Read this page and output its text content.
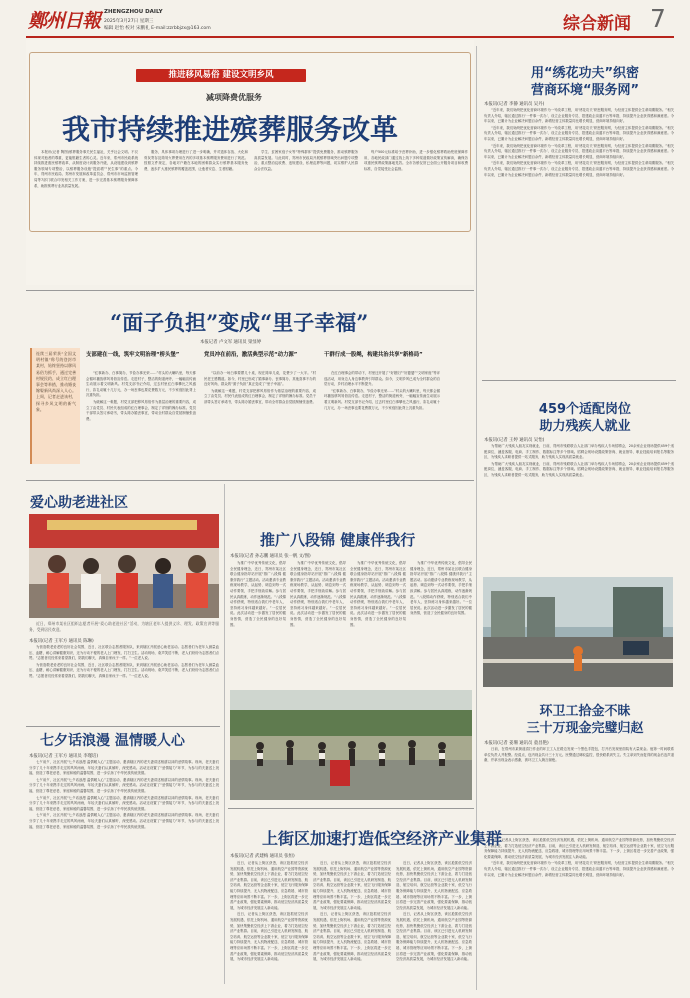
鄭州日報 ZHENGZHOU DAILY
2025年3月27日 星期三
编辑 赵怡 校对 宋鹏礼 E-mail:zzrbbjzx@163.com	综合新闻 7
推进移风易俗 建设文明乡风
减项降费优服务
我市持续推进殡葬服务改革

本报讯(记者 陶图)殡葬服务事关民生福祉，关乎社会文明。不仅体现对逝者的尊重，更能慰藉生者的心灵。近年来，郑州市民政系统持续推进惠民殡葬改革，从制度设计到服务升级，从设施建设到殡葬服务领域专项整治，以殡葬服务设施“提质增”“民生事”的重点。今年，郑州市民政局、郑州市发展和改革委员会、郑州市市场监督管理局等7部门联合印发相关工作方案，进一步完善基本殡葬服务保障体系，助推殡葬行业高质量发展。

服务，具体事项办理进行了进一步明确，并对遗体存放、火化和骨灰寄存及简易火葬费用在内的多项基本殡葬服务费用进行了规范。按照文件规定，各地对户籍在本地的困难群众实行殡葬基本服务免费，逐步扩大惠民殡葬的覆盖范围，让逝者安息、生者慰藉。

学生、贫困家庭子女等“特殊群体”提供免费服务，推动殡葬服务高质量发展。与此同时，郑州市民政局开展殡葬领域突出问题专项整治，重点整治乱收费、违规建设、私埋乱葬等问题，切实维护人民群众合法权益。

每户500元标准给予丧葬补助，进一步强化殡葬救助兜底保障作用，各地民政部门通过线上线下多种渠道做好政策宣传解读，确保各项惠民殡葬政策落地见效。全市各殡仪馆已全面公开服务项目和收费标准，自觉接受社会监督。

用“绣花功夫”织密
营商环境“服务网”
本报讯(记者 李静 通讯员 吴丹)

“近年来，我们始终把优化营商环境作为一号改革工程，用‘绣花功夫’织密服务网，为经营主体提供全生命周期服务。”相关负责人介绍，辖区通过推行‘一件事一次办’、设立企业服务专员、搭建政企沟通平台等举措，持续提升企业获得感和满意度。今年以来，已累计为企业解决问题百余件，新增经营主体数量同比增长明显，营商环境持续向好。

“近年来，我们始终把优化营商环境作为一号改革工程，用‘绣花功夫’织密服务网，为经营主体提供全生命周期服务。”相关负责人介绍，辖区通过推行‘一件事一次办’、设立企业服务专员、搭建政企沟通平台等举措，持续提升企业获得感和满意度。今年以来，已累计为企业解决问题百余件，新增经营主体数量同比增长明显，营商环境持续向好。

“近年来，我们始终把优化营商环境作为一号改革工程，用‘绣花功夫’织密服务网，为经营主体提供全生命周期服务。”相关负责人介绍，辖区通过推行‘一件事一次办’、设立企业服务专员、搭建政企沟通平台等举措，持续提升企业获得感和满意度。今年以来，已累计为企业解决问题百余件，新增经营主体数量同比增长明显，营商环境持续向好。

“近年来，我们始终把优化营商环境作为一号改革工程，用‘绣花功夫’织密服务网，为经营主体提供全生命周期服务。”相关负责人介绍，辖区通过推行‘一件事一次办’、设立企业服务专员、搭建政企沟通平台等举措，持续提升企业获得感和满意度。今年以来，已累计为企业解决问题百余件，新增经营主体数量同比增长明显，营商环境持续向好。

459个适配岗位
助力残疾人就业
本报讯(记者 王婷 通讯员 吴怡)

为帮助广大残疾人朋友实现就业，日前，郑州市残联联合人社部门举办残疾人专场招聘会，20余家企业现场提供459个适配岗位，涵盖客服、电商、手工制作、数据标注等多个领域。招聘会现场设置政策咨询、就业指导、职业技能培训报名等服务区，为残疾人求职者提供一站式服务，助力残疾人实现高质量就业。

为帮助广大残疾人朋友实现就业，日前，郑州市残联联合人社部门举办残疾人专场招聘会，20余家企业现场提供459个适配岗位，涵盖客服、电商、手工制作、数据标注等多个领域。招聘会现场设置政策咨询、就业指导、职业技能培训报名等服务区，为残疾人求职者提供一站式服务，助力残疾人实现高质量就业。

环卫工拾金不昧
三十万现金完璧归赵
本报讯(记者 姜珊 通讯员 童昌艳)

日前，在郑州市某街道清扫作业的环卫工人在路边发现一个黑色手提包，打开后发现里面装有大量现金。他第一时间联系单位负责人并报警。经清点，包内现金共计三十万元。民警通过调取监控，很快联系到失主。失主拿到失而复得的现金后连声道谢，并拿出现金表示感谢，被环卫工人婉言谢绝。

近日，记者从上街区获悉，该区抢抓低空经济发展机遇，依托上街机场、通用航空产业园等资源优势，加快集聚低空经济上下游企业，着力打造低空经济产业集群。目前，该区已引进无人机研发制造、航空培训、航空运营等企业数十家，低空飞行服务保障能力持续提升，无人机物流配送、应急救援、城市管理等应用场景不断丰富。下一步，上街区将进一步完善产业政策，强化要素保障，推动低空经济高质量发展，为城市经济发展注入新动能。

“近年来，我们始终把优化营商环境作为一号改革工程，用‘绣花功夫’织密服务网，为经营主体提供全生命周期服务。”相关负责人介绍，辖区通过推行‘一件事一次办’、设立企业服务专员、搭建政企沟通平台等举措，持续提升企业获得感和满意度。今年以来，已累计为企业解决问题百余件，新增经营主体数量同比增长明显，营商环境持续向好。

“面子负担”变成“里子幸福”
本报记者 卢文军 通讯员 梁显婷
连续三届荣获“全国文明村镇”称号的登封市某村，始终坚持以移风易俗为抓手，通过完善村规民约、成立红白理事会等举措，推动婚丧嫁娶新风尚深入人心。上周，记者走进该村，探寻乡风文明的新气象。
支部建在一线，筑牢文明治理“桥头堡”

“红事新办、白事简办，节俭办事光荣……”村头的大喇叭里，每天都会循环播放移风易俗宣传语。走进村子，整洁的街道两旁，一幅幅宣传画生动展示着文明新风。村党支部书记介绍，过去村里红白事攀比之风盛行，彩礼动辄十几万元，办一场丧事也要花费数万元，不少家庭因此背上沉重负担。

为破解这一难题，村党支部把移风易俗作为基层治理的重要内容，成立了由党员、村民代表组成的红白理事会，制定了详细的操办标准。党员干部带头签订承诺书，带头简办婚丧事宜，带动全村群众自觉抵制铺张浪费。

党员冲在前沿，激活典型示范“动力源”

“以前办一场白事要摆几十桌，现在简单几桌，花费少了一大半。”村民老王感慨道。如今，村里已形成了婚事新办、丧事简办、其他喜事不办的良好风尚，群众的“面子负担”真正变成了“里子幸福”。

为破解这一难题，村党支部把移风易俗作为基层治理的重要内容，成立了由党员、村民代表组成的红白理事会，制定了详细的操办标准。党员干部带头签订承诺书，带头简办婚丧事宜，带动全村群众自觉抵制铺张浪费。

干群行成一股绳，构建共治共享“新格局”

在红白理事会的带动下，村里还开展了“好媳妇”“好婆婆”“文明家庭”等评选活动，用身边人身边事教育引导群众。如今，文明乡风已成为全村群众的自觉行动，乡村治理水平不断提升。

“红事新办、白事简办，节俭办事光荣……”村头的大喇叭里，每天都会循环播放移风易俗宣传语。走进村子，整洁的街道两旁，一幅幅宣传画生动展示着文明新风。村党支部书记介绍，过去村里红白事攀比之风盛行，彩礼动辄十几万元，办一场丧事也要花费数万元，不少家庭因此背上沉重负担。

爱心助老进社区

近日，郑州市某社区组织志愿者开展“爱心助老进社区”活动，为辖区老年人提供义诊、理发、政策宣讲等服务，受到居民欢迎。

本报讯(记者 王军方 通讯员 陈琳)

为营造敬老爱老的良好社会氛围，近日，社区联合志愿者服务队，来到辖区开展爱心助老活动。志愿者们为老年人测量血压、血糖，耐心讲解健康知识，还为行动不便的老人上门理发、打扫卫生。活动现场，欢声笑语不断，老人们纷纷为志愿者们点赞。“志愿者们经常来看望我们，陪我们聊天，真像自家孩子一样。”一位老人说。

为营造敬老爱老的良好社会氛围，近日，社区联合志愿者服务队，来到辖区开展爱心助老活动。志愿者们为老年人测量血压、血糖，耐心讲解健康知识，还为行动不便的老人上门理发、打扫卫生。活动现场，欢声笑语不断，老人们纷纷为志愿者们点赞。“志愿者们经常来看望我们，陪我们聊天，真像自家孩子一样。”一位老人说。

七夕话浪漫 温情暖人心
本报讯(记者 王军方 通讯员 李瑾培)

七夕前夕，社区开展“七夕话浪漫 温情暖人心”主题活动，邀请辖区内的老夫妻讲述相濡以沫的爱情故事。现场，老夫妻们分享了几十年来携手走过的风风雨雨，年轻夫妻们认真倾听，深受感动。活动还设置了“爱情接力”环节，为参与的夫妻送上祝福，营造了尊老爱老、家庭和睦的温馨氛围，进一步弘扬了中华民族传统美德。

七夕前夕，社区开展“七夕话浪漫 温情暖人心”主题活动，邀请辖区内的老夫妻讲述相濡以沫的爱情故事。现场，老夫妻们分享了几十年来携手走过的风风雨雨，年轻夫妻们认真倾听，深受感动。活动还设置了“爱情接力”环节，为参与的夫妻送上祝福，营造了尊老爱老、家庭和睦的温馨氛围，进一步弘扬了中华民族传统美德。

七夕前夕，社区开展“七夕话浪漫 温情暖人心”主题活动，邀请辖区内的老夫妻讲述相濡以沫的爱情故事。现场，老夫妻们分享了几十年来携手走过的风风雨雨，年轻夫妻们认真倾听，深受感动。活动还设置了“爱情接力”环节，为参与的夫妻送上祝福，营造了尊老爱老、家庭和睦的温馨氛围，进一步弘扬了中华民族传统美德。

七夕前夕，社区开展“七夕话浪漫 温情暖人心”主题活动，邀请辖区内的老夫妻讲述相濡以沫的爱情故事。现场，老夫妻们分享了几十年来携手走过的风风雨雨，年轻夫妻们认真倾听，深受感动。活动还设置了“爱情接力”环节，为参与的夫妻送上祝福，营造了尊老爱老、家庭和睦的温馨氛围，进一步弘扬了中华民族传统美德。

推广八段锦 健康伴我行
本报讯(记者 孙志鹏 通讯员 张一帆 文/图)

为推广中华优秀传统文化，倡导全民健身理念，近日，郑州市某社区联合健身指导站开展“推广八段锦 健康伴我行”主题活动。活动邀请专业教练现场教学，从起势、调息到每一式动作要领，手把手细致讲解。参与居民认真跟练，动作逐渐规范。“八段锦动作舒缓，特别适合我们中老年人，坚持练习身体越来越好。”一位居民说。此次活动进一步激发了居民的健身热情，营造了全民健身的良好氛围。

为推广中华优秀传统文化，倡导全民健身理念，近日，郑州市某社区联合健身指导站开展“推广八段锦 健康伴我行”主题活动。活动邀请专业教练现场教学，从起势、调息到每一式动作要领，手把手细致讲解。参与居民认真跟练，动作逐渐规范。“八段锦动作舒缓，特别适合我们中老年人，坚持练习身体越来越好。”一位居民说。此次活动进一步激发了居民的健身热情，营造了全民健身的良好氛围。

为推广中华优秀传统文化，倡导全民健身理念，近日，郑州市某社区联合健身指导站开展“推广八段锦 健康伴我行”主题活动。活动邀请专业教练现场教学，从起势、调息到每一式动作要领，手把手细致讲解。参与居民认真跟练，动作逐渐规范。“八段锦动作舒缓，特别适合我们中老年人，坚持练习身体越来越好。”一位居民说。此次活动进一步激发了居民的健身热情，营造了全民健身的良好氛围。

为推广中华优秀传统文化，倡导全民健身理念，近日，郑州市某社区联合健身指导站开展“推广八段锦 健康伴我行”主题活动。活动邀请专业教练现场教学，从起势、调息到每一式动作要领，手把手细致讲解。参与居民认真跟练，动作逐渐规范。“八段锦动作舒缓，特别适合我们中老年人，坚持练习身体越来越好。”一位居民说。此次活动进一步激发了居民的健身热情，营造了全民健身的良好氛围。

上街区加速打造低空经济产业集群
本报讯(记者 武建梅 通讯员 张恒)

近日，记者从上街区获悉，该区抢抓低空经济发展机遇，依托上街机场、通用航空产业园等资源优势，加快集聚低空经济上下游企业，着力打造低空经济产业集群。目前，该区已引进无人机研发制造、航空培训、航空运营等企业数十家，低空飞行服务保障能力持续提升，无人机物流配送、应急救援、城市管理等应用场景不断丰富。下一步，上街区将进一步完善产业政策，强化要素保障，推动低空经济高质量发展，为城市经济发展注入新动能。

近日，记者从上街区获悉，该区抢抓低空经济发展机遇，依托上街机场、通用航空产业园等资源优势，加快集聚低空经济上下游企业，着力打造低空经济产业集群。目前，该区已引进无人机研发制造、航空培训、航空运营等企业数十家，低空飞行服务保障能力持续提升，无人机物流配送、应急救援、城市管理等应用场景不断丰富。下一步，上街区将进一步完善产业政策，强化要素保障，推动低空经济高质量发展，为城市经济发展注入新动能。

近日，记者从上街区获悉，该区抢抓低空经济发展机遇，依托上街机场、通用航空产业园等资源优势，加快集聚低空经济上下游企业，着力打造低空经济产业集群。目前，该区已引进无人机研发制造、航空培训、航空运营等企业数十家，低空飞行服务保障能力持续提升，无人机物流配送、应急救援、城市管理等应用场景不断丰富。下一步，上街区将进一步完善产业政策，强化要素保障，推动低空经济高质量发展，为城市经济发展注入新动能。

近日，记者从上街区获悉，该区抢抓低空经济发展机遇，依托上街机场、通用航空产业园等资源优势，加快集聚低空经济上下游企业，着力打造低空经济产业集群。目前，该区已引进无人机研发制造、航空培训、航空运营等企业数十家，低空飞行服务保障能力持续提升，无人机物流配送、应急救援、城市管理等应用场景不断丰富。下一步，上街区将进一步完善产业政策，强化要素保障，推动低空经济高质量发展，为城市经济发展注入新动能。

近日，记者从上街区获悉，该区抢抓低空经济发展机遇，依托上街机场、通用航空产业园等资源优势，加快集聚低空经济上下游企业，着力打造低空经济产业集群。目前，该区已引进无人机研发制造、航空培训、航空运营等企业数十家，低空飞行服务保障能力持续提升，无人机物流配送、应急救援、城市管理等应用场景不断丰富。下一步，上街区将进一步完善产业政策，强化要素保障，推动低空经济高质量发展，为城市经济发展注入新动能。

近日，记者从上街区获悉，该区抢抓低空经济发展机遇，依托上街机场、通用航空产业园等资源优势，加快集聚低空经济上下游企业，着力打造低空经济产业集群。目前，该区已引进无人机研发制造、航空培训、航空运营等企业数十家，低空飞行服务保障能力持续提升，无人机物流配送、应急救援、城市管理等应用场景不断丰富。下一步，上街区将进一步完善产业政策，强化要素保障，推动低空经济高质量发展，为城市经济发展注入新动能。
